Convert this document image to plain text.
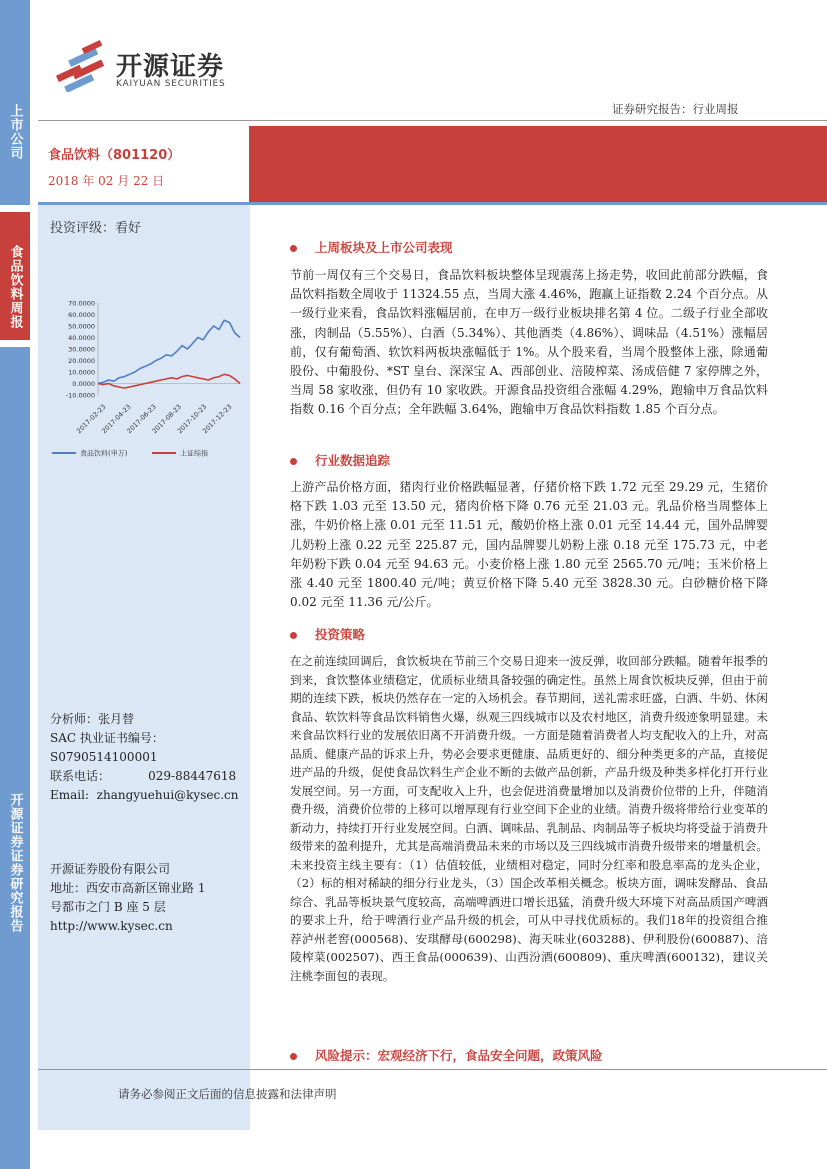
上市公司
食品饮料周报
开源证券证券研究报告
开源证券
KAIYUAN SECURITIES
证券研究报告：行业周报
食品饮料（801120）
2018 年 02 月 22 日	春节验证升级提速 前期下跌提供买入机会
投资评级：看好
70.0000
60.0000
50.0000
40.0000
30.0000
20.0000
10.0000
0.0000
-10.0000
2017-02-23
2017-04-23
2017-06-23
2017-08-23
2017-10-23
2017-12-23
食品饮料(申万)	上证综指
分析师：张月替
SAC 执业证书编号：
S0790514100001
联系电话：          029-88447618
Email:  zhangyuehui@kysec.cn
开源证券股份有限公司
地址：西安市高新区锦业路 1
号都市之门 B 座 5 层
http://www.kysec.cn
上周板块及上市公司表现

节前一周仅有三个交易日，食品饮料板块整体呈现震荡上扬走势，收回此前部分跌幅，食品饮料指数全周收于 11324.55 点，当周大涨 4.46%，跑赢上证指数 2.24 个百分点。从一级行业来看，食品饮料涨幅居前，在申万一级行业板块排名第 4 位。二级子行业全部收涨，肉制品（5.55%）、白酒（5.34%）、其他酒类（4.86%）、调味品（4.51%）涨幅居前，仅有葡萄酒、软饮料两板块涨幅低于 1%。从个股来看，当周个股整体上涨，除通葡股份、中葡股份、*ST 皇台、深深宝 A、西部创业、涪陵榨菜、汤成倍健 7 家停牌之外，当周 58 家收涨，但仍有 10 家收跌。开源食品投资组合涨幅 4.29%，跑输申万食品饮料指数 0.16 个百分点；全年跌幅 3.64%，跑输申万食品饮料指数 1.85 个百分点。

行业数据追踪

上游产品价格方面，猪肉行业价格跌幅显著，仔猪价格下跌 1.72 元至 29.29 元，生猪价格下跌 1.03 元至 13.50 元，猪肉价格下降 0.76 元至 21.03 元。乳品价格当周整体上涨，牛奶价格上涨 0.01 元至 11.51 元，酸奶价格上涨 0.01 元至 14.44 元，国外品牌婴儿奶粉上涨 0.22 元至 225.87 元，国内品牌婴儿奶粉上涨 0.18 元至 175.73 元，中老年奶粉下跌 0.04 元至 94.63 元。小麦价格上涨 1.80 元至 2565.70 元/吨；玉米价格上涨 4.40 元至 1800.40 元/吨；黄豆价格下降 5.40 元至 3828.30 元。白砂糖价格下降 0.02 元至 11.36 元/公斤。

投资策略

在之前连续回调后，食饮板块在节前三个交易日迎来一波反弹，收回部分跌幅。随着年报季的到来，食饮整体业绩稳定，优质标业绩具备较强的确定性。虽然上周食饮板块反弹，但由于前期的连续下跌，板块仍然存在一定的入场机会。春节期间，送礼需求旺盛，白酒、牛奶、休闲食品、软饮料等食品饮料销售火爆，纵观三四线城市以及农村地区，消费升级迹象明显建。未来食品饮料行业的发展依旧离不开消费升级。一方面是随着消费者人均支配收入的上升，对高品质、健康产品的诉求上升，势必会要求更健康、品质更好的、细分种类更多的产品，直接促进产品的升级，促使食品饮料生产企业不断的去做产品创新，产品升级及种类多样化打开行业发展空间。另一方面，可支配收入上升，也会促进消费量增加以及消费价位带的上升，伴随消费升级，消费价位带的上移可以增厚现有行业空间下企业的业绩。消费升级将带给行业变革的新动力，持续打开行业发展空间。白酒、调味品、乳制品、肉制品等子板块均将受益于消费升级带来的盈利提升，尤其是高端消费品未来的市场以及三四线城市消费升级带来的增量机会。未来投资主线主要有：（1）估值较低，业绩相对稳定，同时分红率和股息率高的龙头企业，（2）标的相对稀缺的细分行业龙头，（3）国企改革相关概念。板块方面，调味发酵品、食品综合、乳品等板块景气度较高，高端啤酒进口增长迅猛，消费升级大环境下对高品质国产啤酒的要求上升，给于啤酒行业产品升级的机会，可从中寻找优质标的。我们18年的投资组合推荐泸州老窖(000568)、安琪酵母(600298)、海天味业(603288)、伊利股份(600887)、涪陵榨菜(002507)、西王食品(000639)、山西汾酒(600809)、重庆啤酒(600132)，建议关注桃李面包的表现。

风险提示：宏观经济下行，食品安全问题，政策风险
请务必参阅正文后面的信息披露和法律声明
